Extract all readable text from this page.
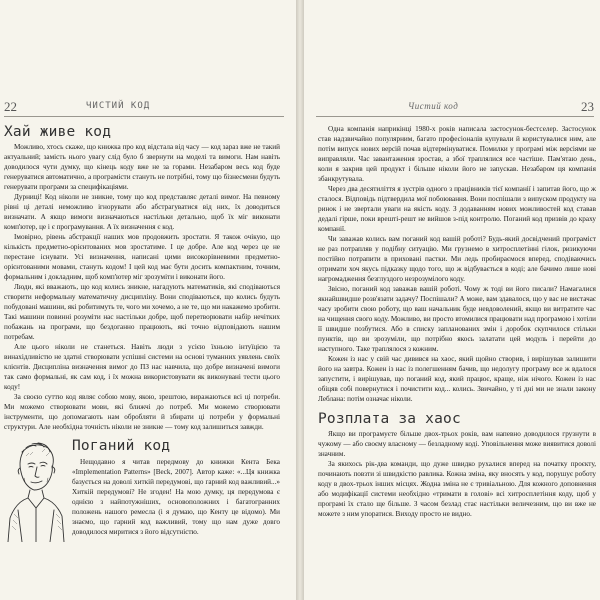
22	ЧИСТИЙ КОД
Хай живе код

Можливо, хтось скаже, що книжка про код відстала від часу — код зараз вже не такий актуальний; замість нього увагу слід було б звернути на моделі та вимоги. Нам навіть доводилося чути думку, що кінець коду вже не за горами. Незабаром весь код буде генеруватися автоматично, а програмісти стануть не потрібні, тому що бізнесмени будуть генерувати програми за специфікаціями.

Дурниці! Код ніколи не зникне, тому що код представляє деталі вимог. На певному рівні ці деталі неможливо ігнорувати або абстрагуватися від них, їх доводиться визначати. А якщо вимоги визначаються настільки детально, щоб їх міг виконати комп'ютер, це і є програмування. А їх визначення є код.

Імовірно, рівень абстракції наших мов продовжить зростати. Я також очікую, що кількість предметно-орієнтованих мов зростатиме. І це добре. Але код через це не перестане існувати. Усі визначення, написані цими високорівневими предметно-орієнтованими мовами, стануть кодом! І цей код має бути досить компактним, точним, формальним і докладним, щоб комп'ютер міг зрозуміти і виконати його.

Люди, які вважають, що код колись зникне, нагадують математиків, які сподіваються створити неформальну математичну дисципліну. Вони сподіваються, що колись будуть побудовані машини, які робитимуть те, чого ми хочемо, а не те, що ми накажемо зробити. Такі машини повинні розуміти нас настільки добре, щоб перетворювати набір нечітких побажань на програми, що бездоганно працюють, які точно відповідають нашим потребам.

Але цього ніколи не станеться. Навіть люди з усією їхньою інтуїцією та винахідливістю не здатні створювати успішні системи на основі туманних уявлень своїх клієнтів. Дисципліна визначення вимог до ПЗ нас навчила, що добре визначені вимоги так само формальні, як сам код, і їх можна використовувати як виконувані тести цього коду!

За своєю суттю код являє собою мову, якою, зрештою, виражаються всі ці потреби. Ми можемо створювати мови, які ближчі до потреб. Ми можемо створювати інструменти, що допомагають нам обробляти й збирати ці потреби у формальні структури. Але необхідна точність ніколи не зникне — тому код залишиться завжди.

Поганий код

Нещодавно я читав передмову до книжки Кента Бека «Implementation Patterns» [Beck, 2007]. Автор каже: «...Ця книжка базується на доволі хиткій передумові, що гарний код важливий...» Хиткій передумові? Не згоден! На мою думку, ця передумова є однією з найпотужніших, основоположних і багатогранних положень нашого ремесла (і я думаю, що Кенту це відомо). Ми знаємо, що гарний код важливий, тому що нам дуже довго доводилося миритися з його відсутністю.

Чистий код	23

Одна компанія наприкінці 1980-х років написала застосунок-бестселер. Застосунок став надзвичайно популярним, багато професіоналів купували й користувалися ним, але потім випуск нових версій почав відтермінуватися. Помилки у програмі між версіями не виправляли. Час завантаження зростав, а збої траплялися все частіше. Пам'ятаю день, коли я закрив цей продукт і більше ніколи його не запускав. Незабаром ця компанія збанкрутувала.

Через два десятиліття я зустрів одного з працівників тієї компанії і запитав його, що ж сталося. Відповідь підтвердила мої побоювання. Вони поспішали з випуском продукту на ринок і не звертали уваги на якість коду. З додаванням нових можливостей код ставав дедалі гірше, поки врешті-решт не вийшов з-під контролю. Поганий код призвів до краху компанії.

Чи заважав колись вам поганий код вашій роботі? Будь-який досвідчений програміст не раз потрапляв у подібну ситуацію. Ми грузнемо в хитросплетінні гілок, ризикуючи постійно потрапити в приховані пастки. Ми ледь пробираємося вперед, сподіваючись отримати хоч якусь підказку щодо того, що ж відбувається в коді; але бачимо лише нові нагромадження безглуздого незрозумілого коду.

Звісно, поганий код заважав вашій роботі. Чому ж тоді ви його писали? Намагалися якнайшвидше розв'язати задачу? Поспішали? А може, вам здавалося, що у вас не вистачає часу зробити свою роботу, що ваш начальник буде невдоволений, якщо ви витратите час на чищення свого коду. Можливо, ви просто втомилися працювати над програмою і хотіли її швидше позбутися. Або в списку запланованих змін і доробок скупчилося стільки пунктів, що ви зрозуміли, що потрібно якось залатати цей модуль і перейти до наступного. Таке траплялося з кожним.

Кожен із нас у свій час дивився на хаос, який щойно створив, і вирішував залишити його на завтра. Кожен із нас із полегшенням бачив, що недолугу програму все ж вдалося запустити, і вирішував, що поганий код, який працює, краще, ніж нічого. Кожен із нас обіцяв собі повернутися і почистити код... колись. Звичайно, у ті дні ми не знали закону Леблана: потім означає ніколи.

Розплата за хаос

Якщо ви програмуєте більше двох-трьох років, вам напевно доводилося грузнути в чужому — або своєму власному — безладному коді. Уповільнення може виявитися доволі значним.

За якихось рік-два команди, що дуже швидко рухалися вперед на початку проєкту, починають повзти зі швидкістю равлика. Кожна зміна, яку вносять у код, порушує роботу коду в двох-трьох інших місцях. Жодна зміна не є тривіальною. Для кожного доповнення або модифікації системи необхідно «тримати в голові» всі хитросплетіння коду, щоб у програмі їх стало ще більше. З часом безлад стає настільки величезним, що ви вже не можете з ним упоратися. Виходу просто не видно.
